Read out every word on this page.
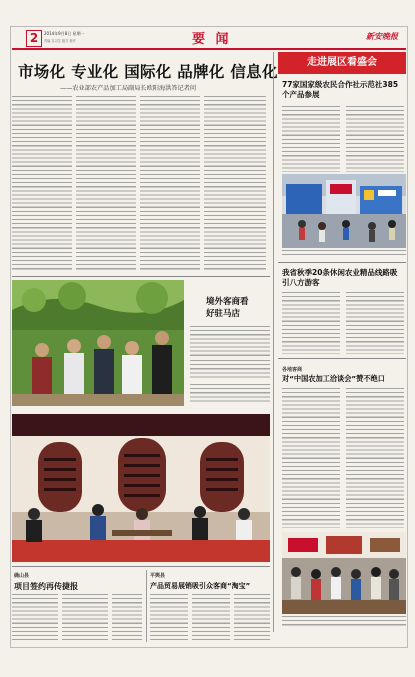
2	2014年9月8日 星期一
责编 实习生 版式 校对	要 闻	新安晚报
市场化 专业化 国际化 品牌化 信息化
——农业部农产品加工局副局长欧阳海洪答记者问
走进展区看盛会
77家国家级农民合作社示范社385个产品参展
我省秋季20条休闲农业精品线路吸引八方游客
各地客商
对“中国农加工洽谈会”赞不绝口
境外客商看好驻马店
确山县
项目签约再传捷报
平舆县
产品贸易展销吸引众客商“淘宝”
